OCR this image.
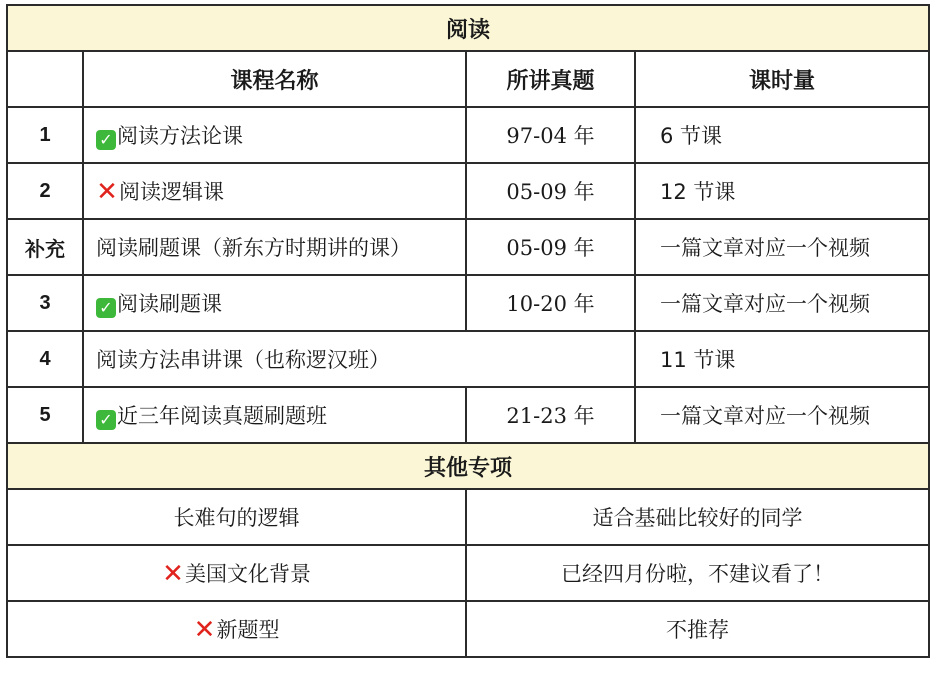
阅读			
	课程名称	所讲真题	课时量
1	✓ 阅读方法论课	97-04 年	6 节课
2	✕阅读逻辑课	05-09 年	12 节课
补充	阅读刷题课（新东方时期讲的课）	05-09 年	一篇文章对应一个视频
3	✓ 阅读刷题课	10-20 年	一篇文章对应一个视频
4	阅读方法串讲课（也称逻汉班）		11 节课
5	✓ 近三年阅读真题刷题班	21-23 年	一篇文章对应一个视频
其他专项			
长难句的逻辑		适合基础比较好的同学	
✕美国文化背景		已经四月份啦，不建议看了！	
✕新题型		不推荐	
